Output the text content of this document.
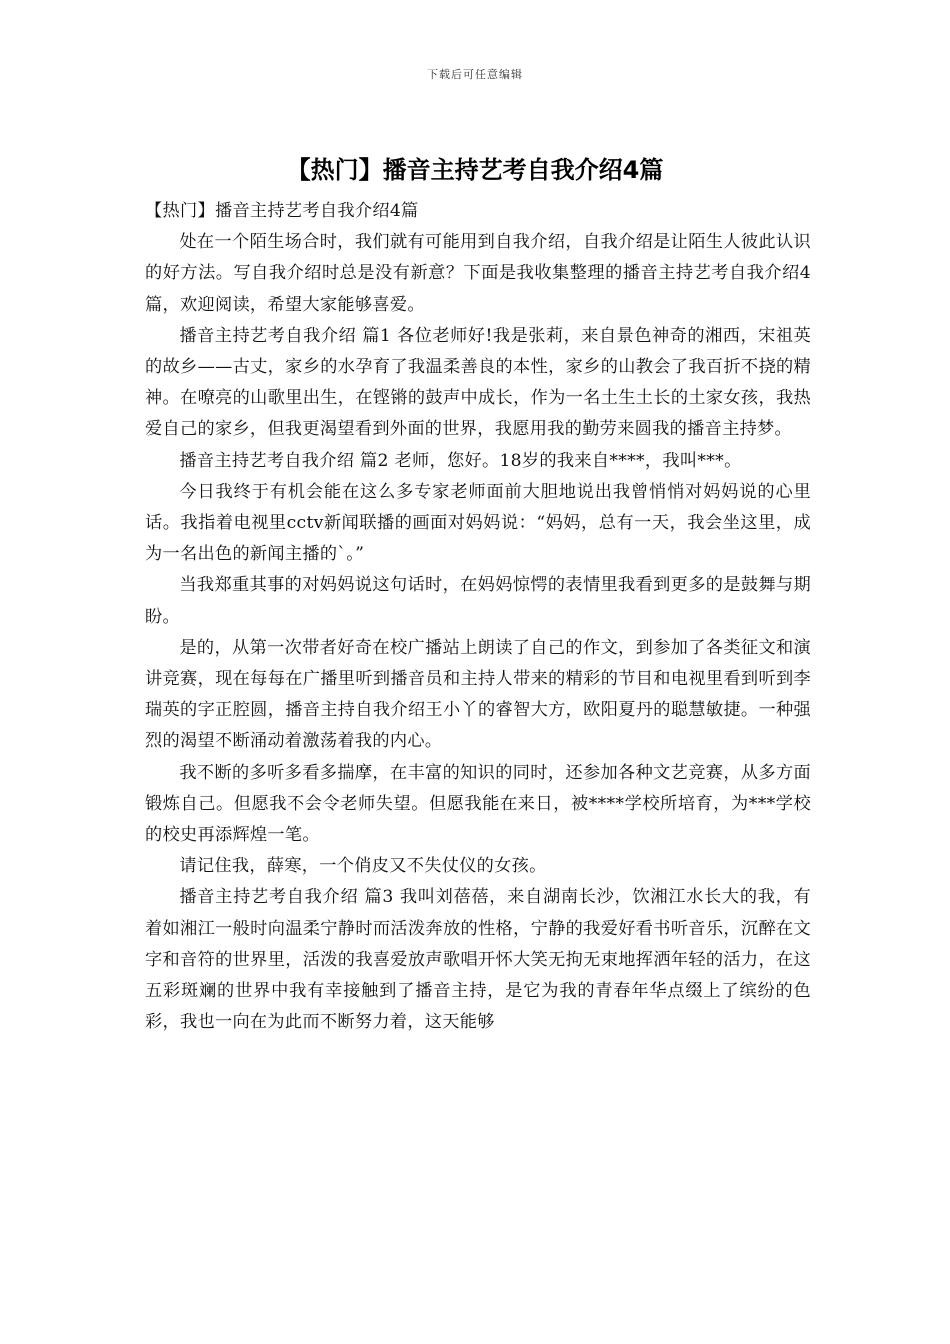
下载后可任意编辑
【热门】播音主持艺考自我介绍4篇

【热门】播音主持艺考自我介绍4篇

处在一个陌生场合时，我们就有可能用到自我介绍，自我介绍是让陌生人彼此认识的好方法。写自我介绍时总是没有新意？下面是我收集整理的播音主持艺考自我介绍4篇，欢迎阅读，希望大家能够喜爱。

播音主持艺考自我介绍 篇1 各位老师好!我是张莉，来自景色神奇的湘西，宋祖英的故乡——古丈，家乡的水孕育了我温柔善良的本性，家乡的山教会了我百折不挠的精神。在嘹亮的山歌里出生，在铿锵的鼓声中成长，作为一名土生土长的土家女孩，我热爱自己的家乡，但我更渴望看到外面的世界，我愿用我的勤劳来圆我的播音主持梦。

播音主持艺考自我介绍 篇2 老师，您好。18岁的我来自****，我叫***。

今日我终于有机会能在这么多专家老师面前大胆地说出我曾悄悄对妈妈说的心里话。我指着电视里cctv新闻联播的画面对妈妈说：“妈妈，总有一天，我会坐这里，成为一名出色的新闻主播的`。”

当我郑重其事的对妈妈说这句话时，在妈妈惊愕的表情里我看到更多的是鼓舞与期盼。

是的，从第一次带者好奇在校广播站上朗读了自己的作文，到参加了各类征文和演讲竞赛，现在每每在广播里听到播音员和主持人带来的精彩的节目和电视里看到听到李瑞英的字正腔圆，播音主持自我介绍王小丫的睿智大方，欧阳夏丹的聪慧敏捷。一种强烈的渴望不断涌动着激荡着我的内心。

我不断的多听多看多揣摩，在丰富的知识的同时，还参加各种文艺竞赛，从多方面锻炼自己。但愿我不会令老师失望。但愿我能在来日，被****学校所培育，为***学校的校史再添辉煌一笔。

请记住我，薛寒，一个俏皮又不失仗仪的女孩。

播音主持艺考自我介绍 篇3 我叫刘蓓蓓，来自湖南长沙，饮湘江水长大的我，有着如湘江一般时向温柔宁静时而活泼奔放的性格，宁静的我爱好看书听音乐，沉醉在文字和音符的世界里，活泼的我喜爱放声歌唱开怀大笑无拘无束地挥洒年轻的活力，在这五彩斑斓的世界中我有幸接触到了播音主持，是它为我的青春年华点缀上了缤纷的色彩，我也一向在为此而不断努力着，这天能够
